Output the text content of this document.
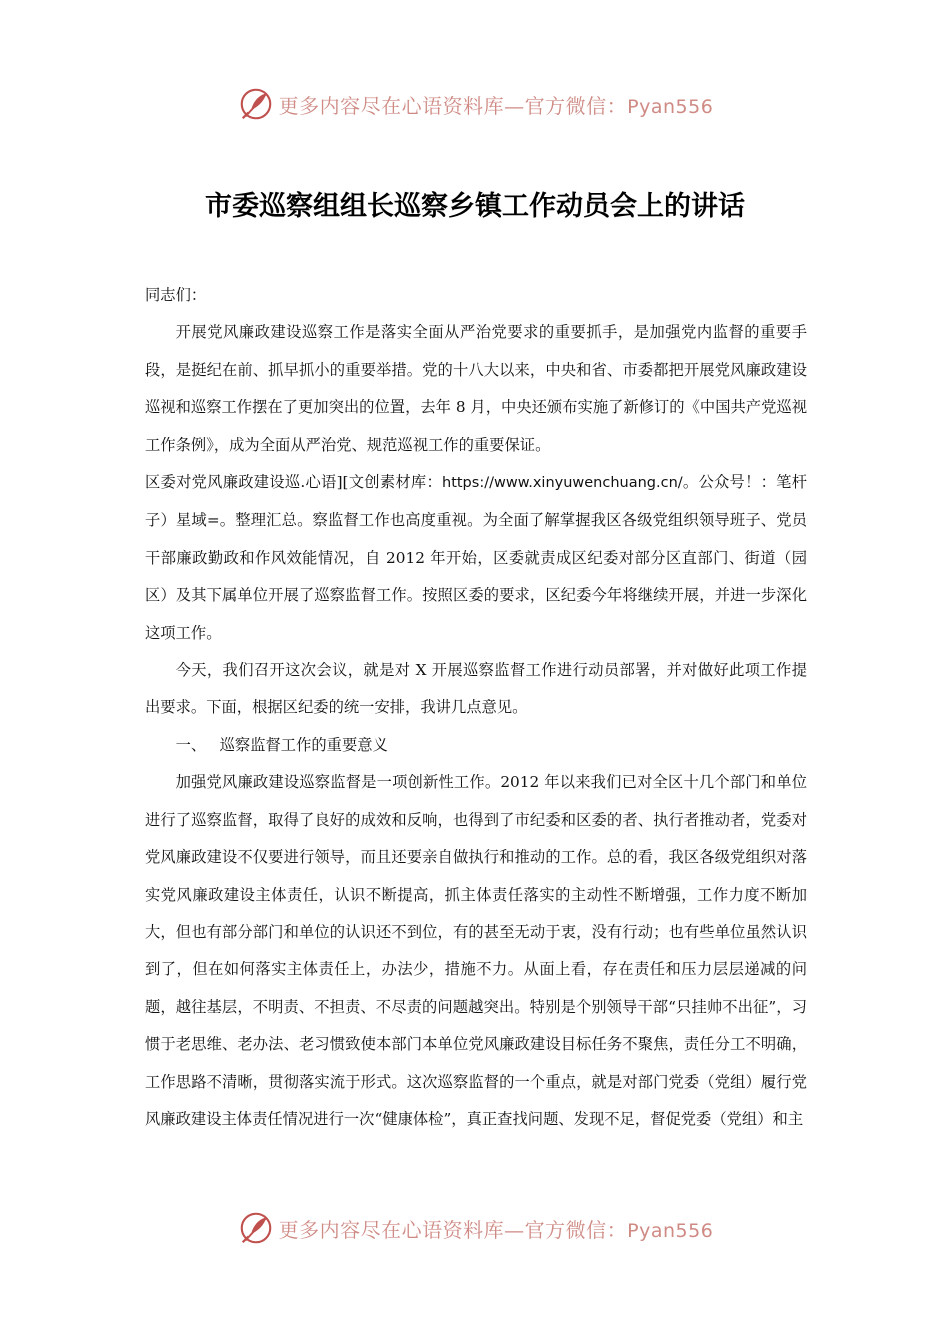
更多内容尽在心语资料库—官方微信：Pyan556
市委巡察组组长巡察乡镇工作动员会上的讲话

同志们：

开展党风廉政建设巡察工作是落实全面从严治党要求的重要抓手，是加强党内监督的重要手段，是挺纪在前、抓早抓小的重要举措。党的十八大以来，中央和省、市委都把开展党风廉政建设巡视和巡察工作摆在了更加突出的位置，去年 8 月，中央还颁布实施了新修订的《中国共产党巡视工作条例》，成为全面从严治党、规范巡视工作的重要保证。

区委对党风廉政建设巡.心语][文创素材库：https://www.xinyuwenchuang.cn/。公众号！：笔杆子）星域=。整理汇总。察监督工作也高度重视。为全面了解掌握我区各级党组织领导班子、党员干部廉政勤政和作风效能情况，自 2012 年开始，区委就责成区纪委对部分区直部门、街道（园区）及其下属单位开展了巡察监督工作。按照区委的要求，区纪委今年将继续开展，并进一步深化这项工作。

今天，我们召开这次会议，就是对 X 开展巡察监督工作进行动员部署，并对做好此项工作提出要求。下面，根据区纪委的统一安排，我讲几点意见。

一、 巡察监督工作的重要意义

加强党风廉政建设巡察监督是一项创新性工作。2012 年以来我们已对全区十几个部门和单位进行了巡察监督，取得了良好的成效和反响，也得到了市纪委和区委的者、执行者推动者，党委对党风廉政建设不仅要进行领导，而且还要亲自做执行和推动的工作。总的看，我区各级党组织对落实党风廉政建设主体责任，认识不断提高，抓主体责任落实的主动性不断增强，工作力度不断加大，但也有部分部门和单位的认识还不到位，有的甚至无动于衷，没有行动；也有些单位虽然认识到了，但在如何落实主体责任上，办法少，措施不力。从面上看，存在责任和压力层层递减的问题，越往基层，不明责、不担责、不尽责的问题越突出。特别是个别领导干部“只挂帅不出征”，习惯于老思维、老办法、老习惯致使本部门本单位党风廉政建设目标任务不聚焦，责任分工不明确，工作思路不清晰，贯彻落实流于形式。这次巡察监督的一个重点，就是对部门党委（党组）履行党风廉政建设主体责任情况进行一次“健康体检”，真正查找问题、发现不足，督促党委（党组）和主

更多内容尽在心语资料库—官方微信：Pyan556
